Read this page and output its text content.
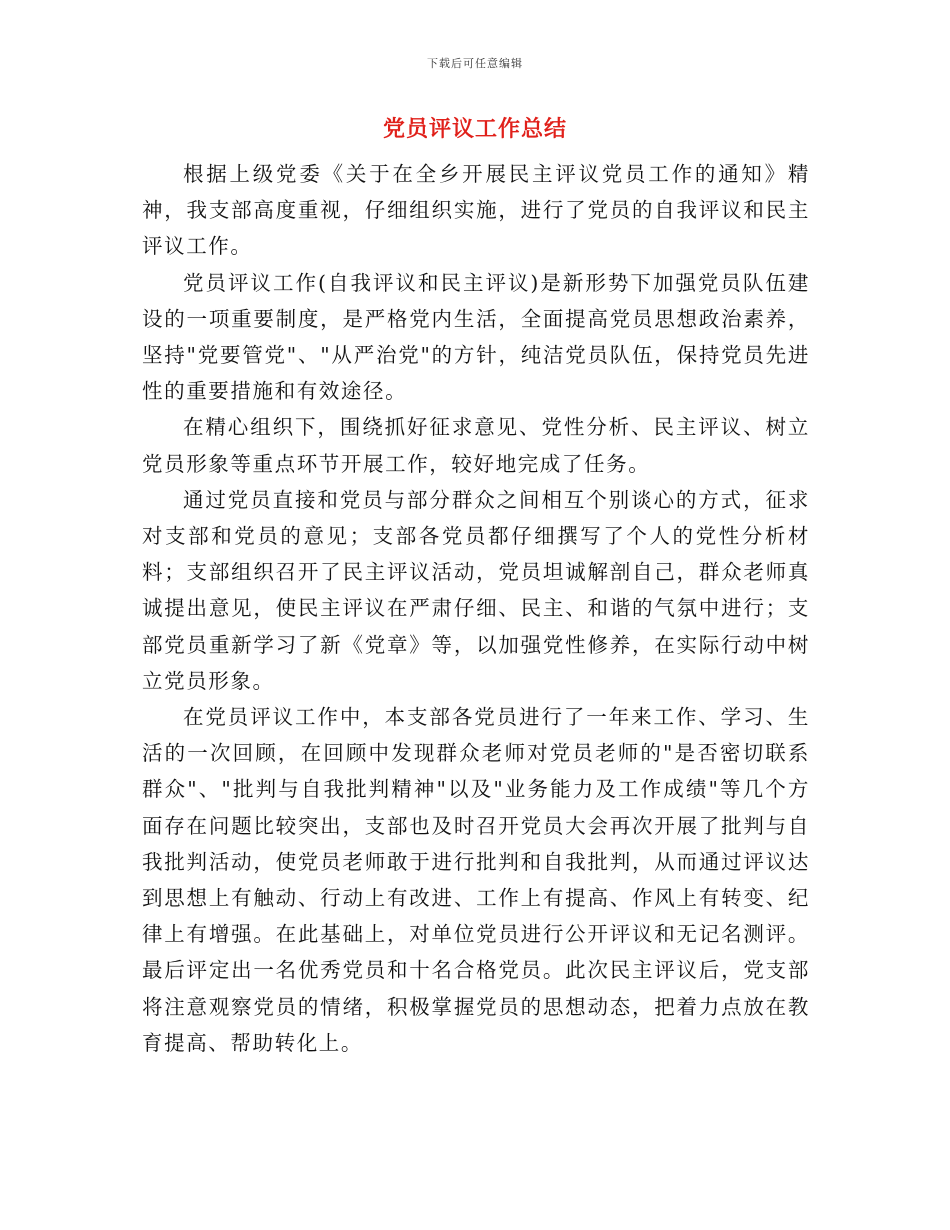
下载后可任意编辑
党员评议工作总结

根据上级党委《关于在全乡开展民主评议党员工作的通知》精神，我支部高度重视，仔细组织实施，进行了党员的自我评议和民主评议工作。

党员评议工作(自我评议和民主评议)是新形势下加强党员队伍建设的一项重要制度，是严格党内生活，全面提高党员思想政治素养，坚持"党要管党"、"从严治党"的方针，纯洁党员队伍，保持党员先进性的重要措施和有效途径。

在精心组织下，围绕抓好征求意见、党性分析、民主评议、树立党员形象等重点环节开展工作，较好地完成了任务。

通过党员直接和党员与部分群众之间相互个别谈心的方式，征求对支部和党员的意见；支部各党员都仔细撰写了个人的党性分析材料；支部组织召开了民主评议活动，党员坦诚解剖自己，群众老师真诚提出意见，使民主评议在严肃仔细、民主、和谐的气氛中进行；支部党员重新学习了新《党章》等，以加强党性修养，在实际行动中树立党员形象。

在党员评议工作中，本支部各党员进行了一年来工作、学习、生活的一次回顾，在回顾中发现群众老师对党员老师的"是否密切联系群众"、"批判与自我批判精神"以及"业务能力及工作成绩"等几个方面存在问题比较突出，支部也及时召开党员大会再次开展了批判与自我批判活动，使党员老师敢于进行批判和自我批判，从而通过评议达到思想上有触动、行动上有改进、工作上有提高、作风上有转变、纪律上有增强。在此基础上，对单位党员进行公开评议和无记名测评。最后评定出一名优秀党员和十名合格党员。此次民主评议后，党支部将注意观察党员的情绪，积极掌握党员的思想动态，把着力点放在教育提高、帮助转化上。
